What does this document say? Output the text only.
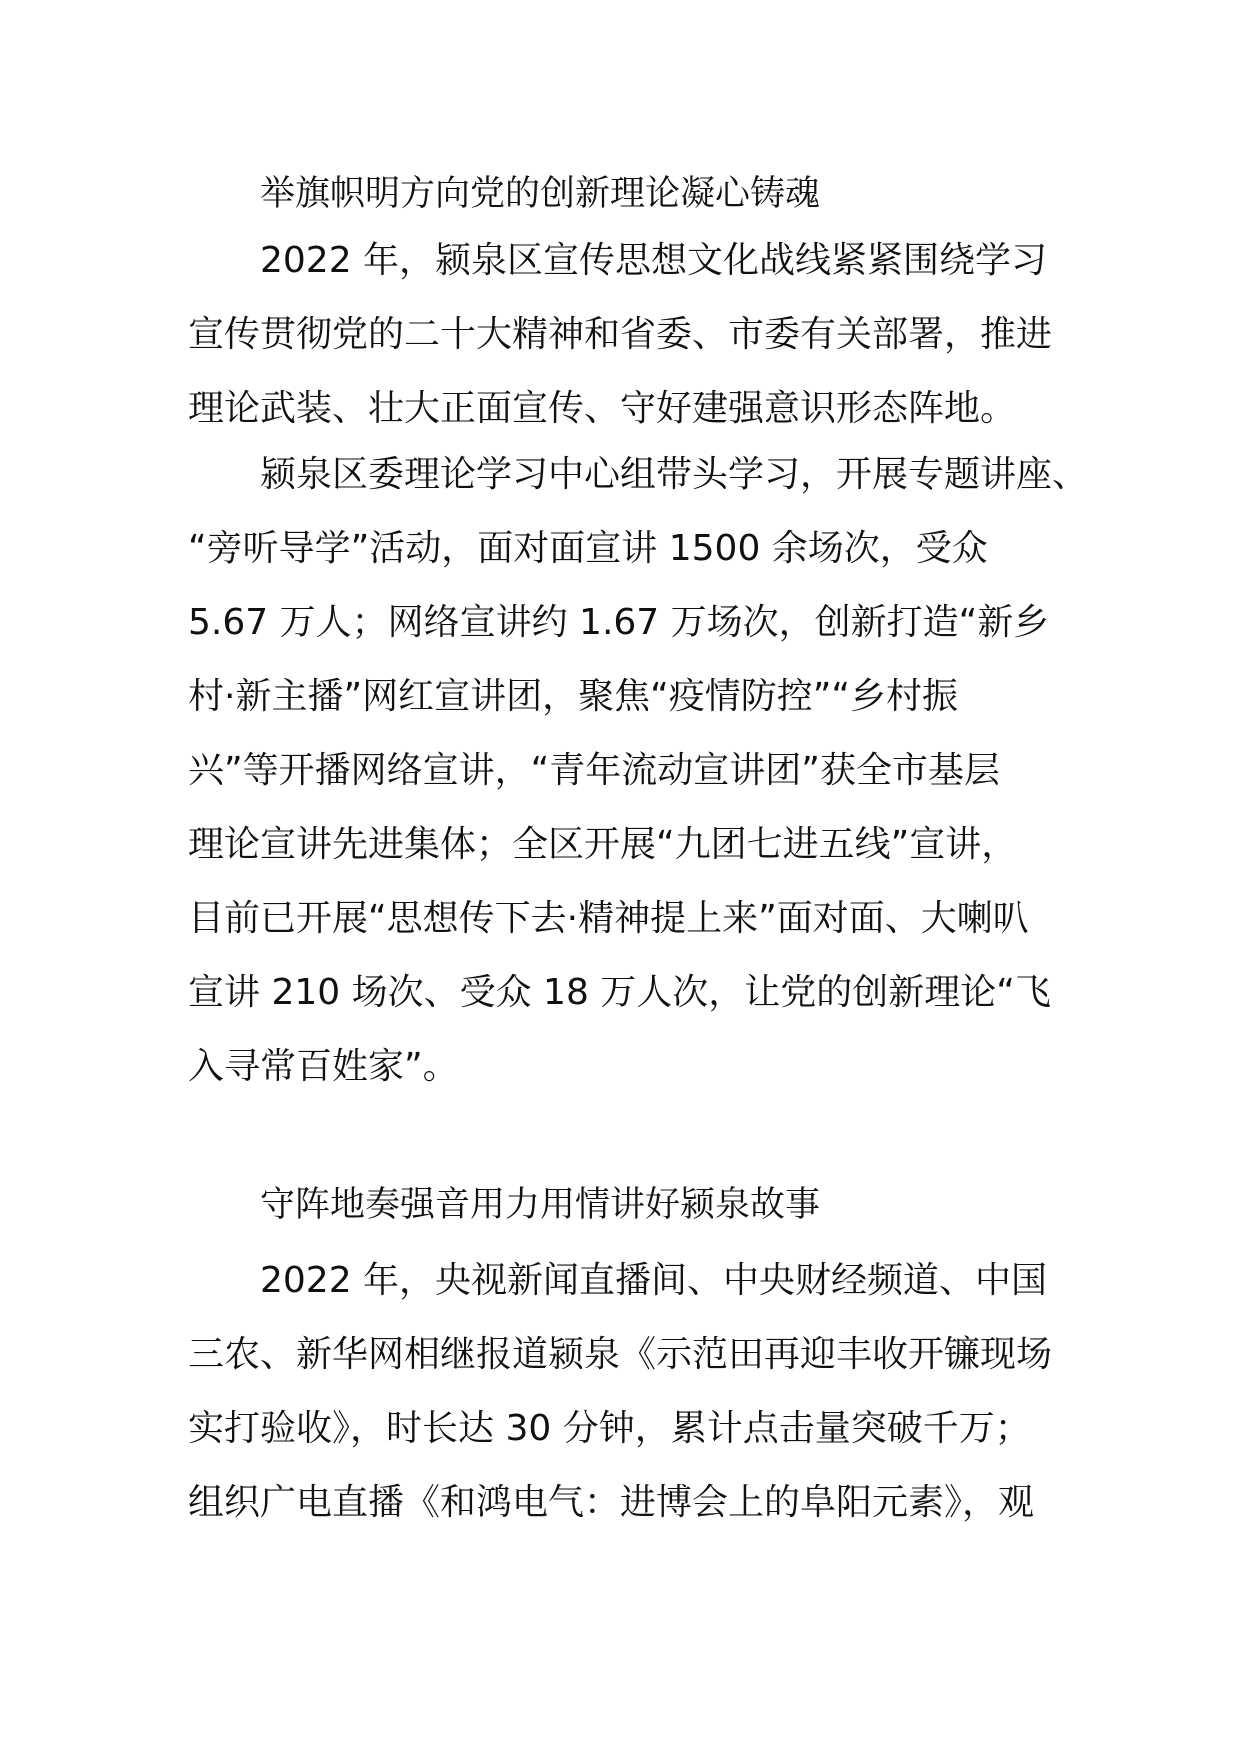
举旗帜明方向党的创新理论凝心铸魂
2022 年，颍泉区宣传思想文化战线紧紧围绕学习
宣传贯彻党的二十大精神和省委、市委有关部署，推进
理论武装、壮大正面宣传、守好建强意识形态阵地。
颍泉区委理论学习中心组带头学习，开展专题讲座、
“旁听导学”活动，面对面宣讲 1500 余场次，受众
5.67 万人；网络宣讲约 1.67 万场次，创新打造“新乡
村·新主播”网红宣讲团，聚焦“疫情防控”“乡村振
兴”等开播网络宣讲，“青年流动宣讲团”获全市基层
理论宣讲先进集体；全区开展“九团七进五线”宣讲，
目前已开展“思想传下去·精神提上来”面对面、大喇叭
宣讲 210 场次、受众 18 万人次，让党的创新理论“飞
入寻常百姓家”。
守阵地奏强音用力用情讲好颍泉故事
2022 年，央视新闻直播间、中央财经频道、中国
三农、新华网相继报道颍泉《示范田再迎丰收开镰现场
实打验收》，时长达 30 分钟，累计点击量突破千万；
组织广电直播《和鸿电气：进博会上的阜阳元素》，观
